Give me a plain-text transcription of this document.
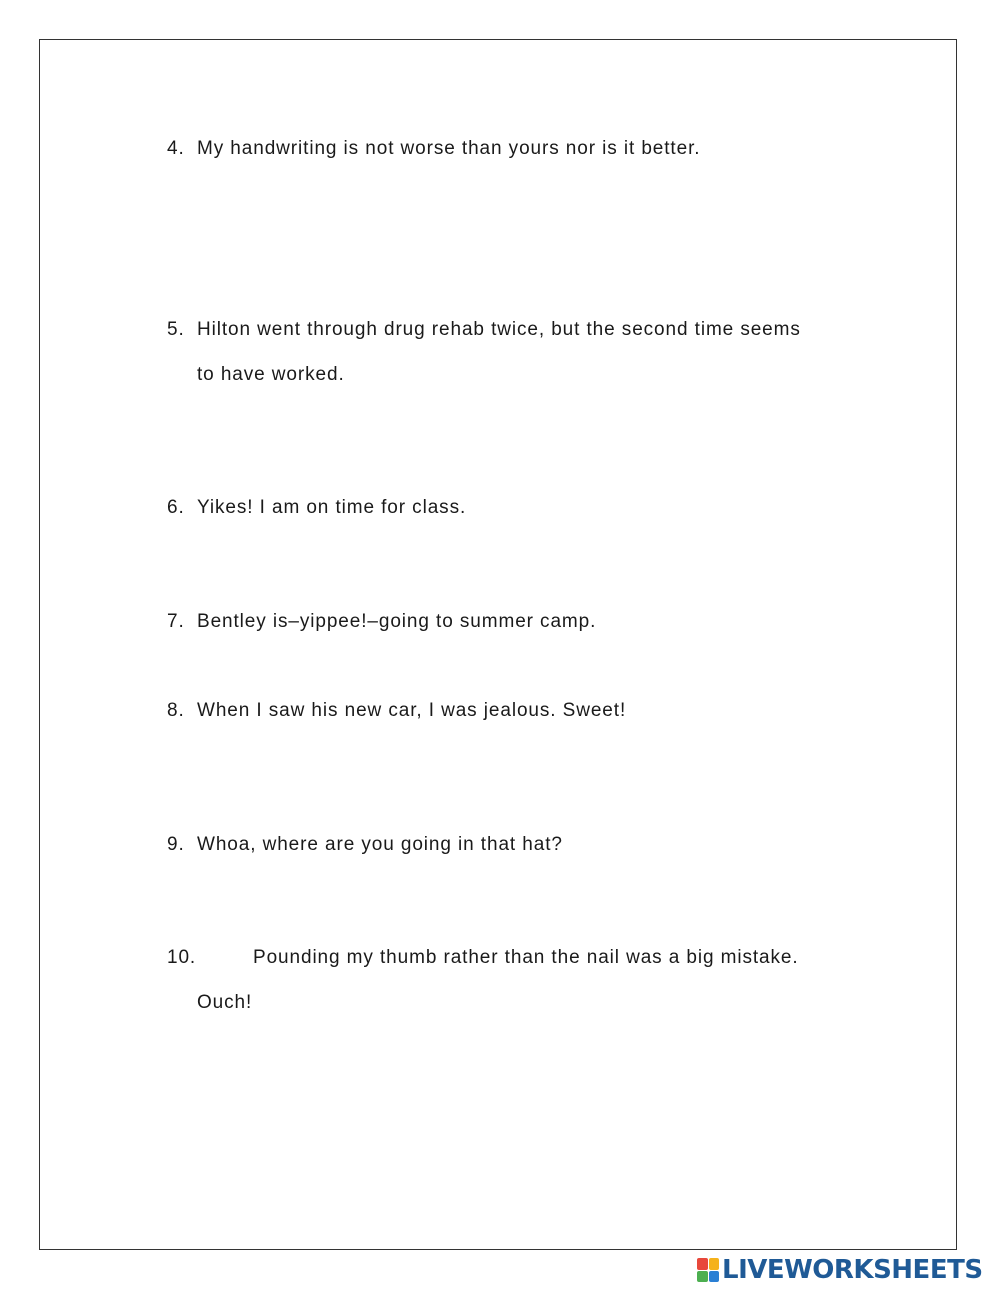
4. My handwriting is not worse than yours nor is it better.
5. Hilton went through drug rehab twice, but the second time seems
to have worked.
6. Yikes! I am on time for class.
7. Bentley is–yippee!–going to summer camp.
8. When I saw his new car, I was jealous. Sweet!
9. Whoa, where are you going in that hat?
10.	Pounding my thumb rather than the nail was a big mistake.
Ouch!
LIVEWORKSHEETS
